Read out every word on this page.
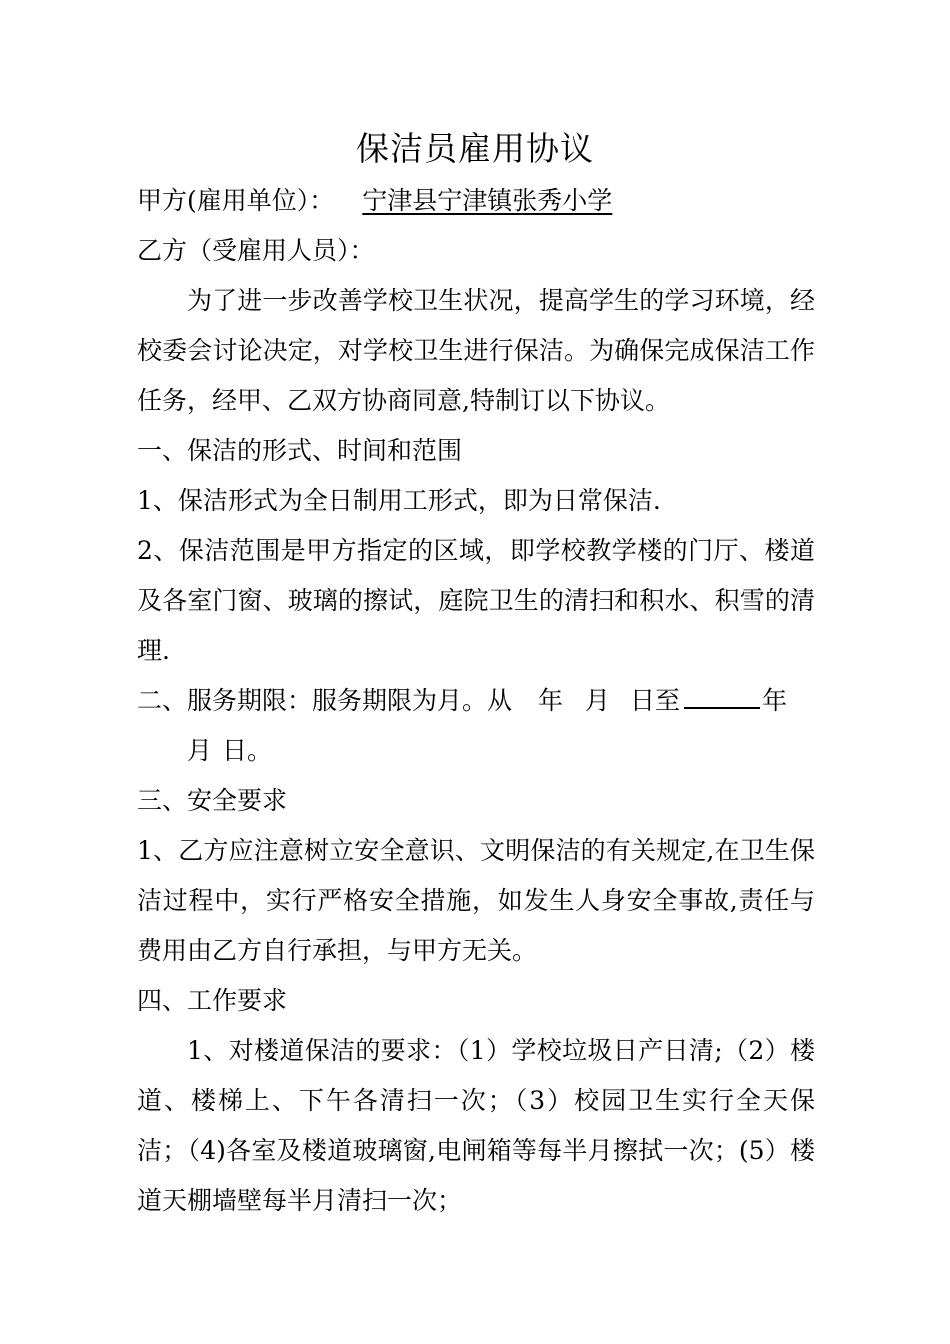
保洁员雇用协议
甲方(雇用单位）： 宁津县宁津镇张秀小学
乙方（受雇用人员）：
为了进一步改善学校卫生状况，提高学生的学习环境，经校委会讨论决定，对学校卫生进行保洁。为确保完成保洁工作任务，经甲、乙双方协商同意,特制订以下协议。
一、保洁的形式、时间和范围
1、保洁形式为全日制用工形式，即为日常保洁.
2、保洁范围是甲方指定的区域，即学校教学楼的门厅、楼道及各室门窗、玻璃的擦试，庭院卫生的清扫和积水、积雪的清理.
二、服务期限：服务期限为月。从 年 月 日至	年
月 日。
三、安全要求
1、乙方应注意树立安全意识、文明保洁的有关规定,在卫生保洁过程中，实行严格安全措施，如发生人身安全事故,责任与费用由乙方自行承担，与甲方无关。
四、工作要求
1、对楼道保洁的要求：（1）学校垃圾日产日清;（2）楼道、楼梯上、下午各清扫一次；（3）校园卫生实行全天保洁；（4)各室及楼道玻璃窗,电闸箱等每半月擦拭一次；(5）楼道天棚墙壁每半月清扫一次；
